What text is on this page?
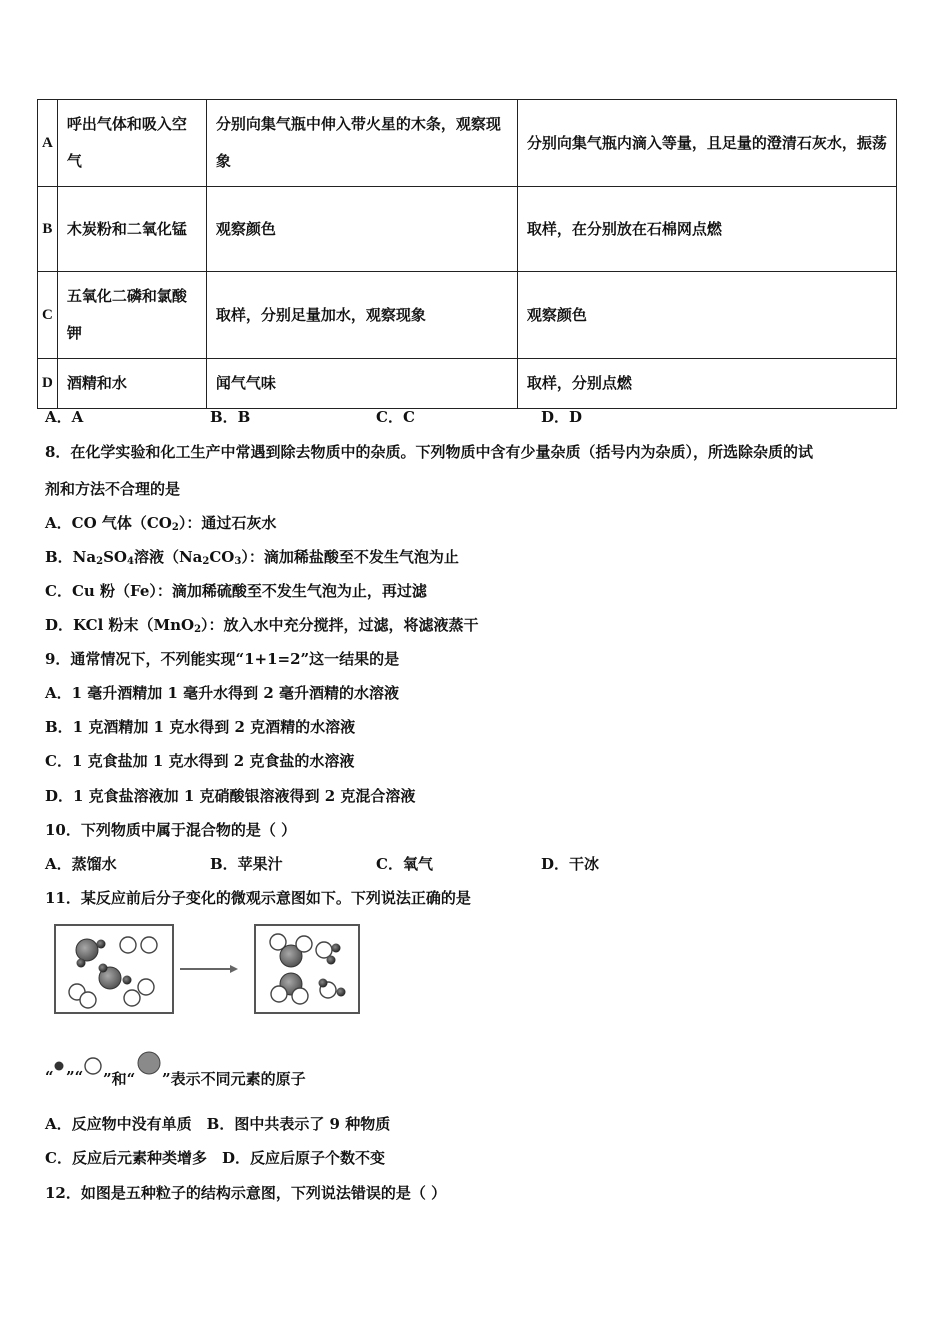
A	呼出气体和吸入空气	分别向集气瓶中伸入带火星的木条，观察现象	分别向集气瓶内滴入等量，且足量的澄清石灰水，振荡
B	木炭粉和二氧化锰	观察颜色	取样，在分别放在石棉网点燃
C	五氧化二磷和氯酸钾	取样，分别足量加水，观察现象	观察颜色
D	酒精和水	闻气气味	取样，分别点燃
A．A	B．B	C．C	D．D
8．在化学实验和化工生产中常遇到除去物质中的杂质。下列物质中含有少量杂质（括号内为杂质），所选除杂质的试
剂和方法不合理的是
A．CO 气体$(CO_2)$：通过石灰水
B．$Na_2SO_4$溶液$(Na_2CO_3)$：滴加稀盐酸至不发生气泡为止
C．Cu 粉（Fe）：滴加稀硫酸至不发生气泡为止，再过滤
D．KCl 粉末（MnO$_2$）：放入水中充分搅拌，过滤，将滤液蒸干
9．通常情况下，不列能实现“1+1=2”这一结果的是
A．1 毫升酒精加 1 毫升水得到 2 毫升酒精的水溶液
B．1 克酒精加 1 克水得到 2 克酒精的水溶液
C．1 克食盐加 1 克水得到 2 克食盐的水溶液
D．1 克食盐溶液加 1 克硝酸银溶液得到 2 克混合溶液
10．下列物质中属于混合物的是（ ）
A．蒸馏水	B．苹果汁	C．氧气	D．干冰
11．某反应前后分子变化的微观示意图如下。下列说法正确的是
“ ”“ ”和“ ”表示不同元素的原子
A．反应物中没有单质　B．图中共表示了 9 种物质
C．反应后元素种类增多　D．反应后原子个数不变
12．如图是五种粒子的结构示意图，下列说法错误的是（ ）
